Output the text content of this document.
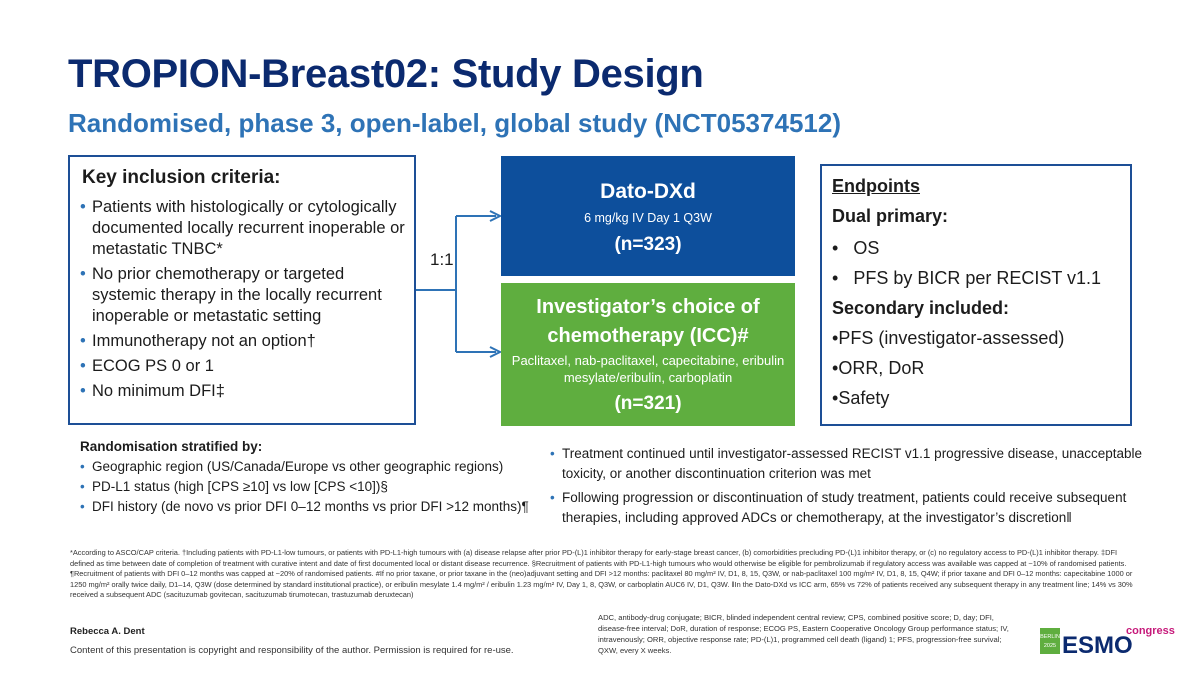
TROPION-Breast02: Study Design
Randomised, phase 3, open-label, global study (NCT05374512)
Key inclusion criteria:
• Patients with histologically or cytologically documented locally recurrent inoperable or metastatic TNBC*
• No prior chemotherapy or targeted systemic therapy in the locally recurrent inoperable or metastatic setting
• Immunotherapy not an option†
• ECOG PS 0 or 1
• No minimum DFI‡
1:1
Dato-DXd
6 mg/kg IV Day 1 Q3W
(n=323)
Investigator’s choice of chemotherapy (ICC)#
Paclitaxel, nab-paclitaxel, capecitabine, eribulin mesylate/eribulin, carboplatin
(n=321)
Endpoints
Dual primary:
•   OS
•   PFS by BICR per RECIST v1.1
Secondary included:
•PFS (investigator-assessed)
•ORR, DoR
•Safety
Randomisation stratified by:
• Geographic region (US/Canada/Europe vs other geographic regions)
• PD-L1 status (high [CPS ≥10] vs low [CPS <10])§
• DFI history (de novo vs prior DFI 0–12 months vs prior DFI >12 months)¶
• Treatment continued until investigator-assessed RECIST v1.1 progressive disease, unacceptable toxicity, or another discontinuation criterion was met
• Following progression or discontinuation of study treatment, patients could receive subsequent therapies, including approved ADCs or chemotherapy, at the investigator’s discretion‖
*According to ASCO/CAP criteria. †Including patients with PD-L1-low tumours, or patients with PD-L1-high tumours with (a) disease relapse after prior PD-(L)1 inhibitor therapy for early-stage breast cancer, (b) comorbidities precluding PD-(L)1 inhibitor therapy, or (c) no regulatory access to PD-(L)1 inhibitor therapy. ‡DFI defined as time between date of completion of treatment with curative intent and date of first documented local or distant disease recurrence. §Recruitment of patients with PD-L1-high tumours who would otherwise be eligible for pembrolizumab if regulatory access was available was capped at ~10% of randomised patients. ¶Recruitment of patients with DFI 0–12 months was capped at ~20% of randomised patients. #If no prior taxane, or prior taxane in the (neo)adjuvant setting and DFI >12 months: paclitaxel 80 mg/m² IV, D1, 8, 15, Q3W, or nab-paclitaxel 100 mg/m² IV, D1, 8, 15, Q4W; if prior taxane and DFI 0–12 months: capecitabine 1000 or 1250 mg/m² orally twice daily, D1–14, Q3W (dose determined by standard institutional practice), or eribulin mesylate 1.4 mg/m² / eribulin 1.23 mg/m² IV, Day 1, 8, Q3W, or carboplatin AUC6 IV, D1, Q3W. ‖In the Dato-DXd vs ICC arm, 65% vs 72% of patients received any subsequent therapy in any treatment line; 14% vs 30% received a subsequent ADC (sacituzumab govitecan, sacituzumab tirumotecan, trastuzumab deruxtecan)
ADC, antibody-drug conjugate; BICR, blinded independent central review; CPS, combined positive score; D, day; DFI, disease-free interval; DoR, duration of response; ECOG PS, Eastern Cooperative Oncology Group performance status; IV, intravenously; ORR, objective response rate; PD-(L)1, programmed cell death (ligand) 1; PFS, progression-free survival; QXW, every X weeks.
Rebecca A. Dent
Content of this presentation is copyright and responsibility of the author. Permission is required for re-use.
BERLIN
2025 ESMO
congress
